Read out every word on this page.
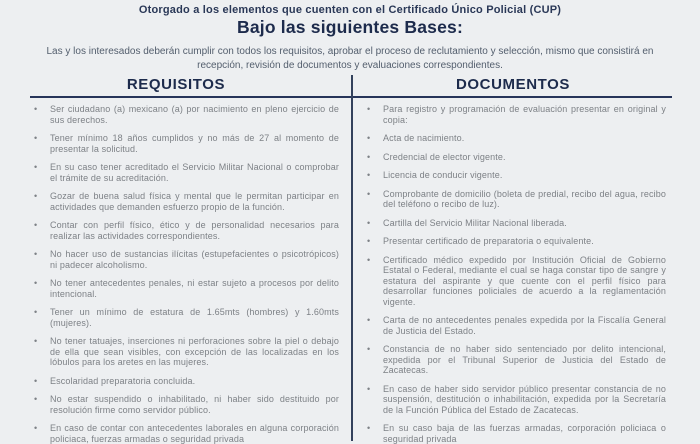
Otorgado a los elementos que cuenten con el Certificado Único Policial (CUP)
Bajo las siguientes Bases:
Las y los interesados deberán cumplir con todos los requisitos, aprobar el proceso de reclutamiento y selección, mismo que consistirá en recepción, revisión de documentos y evaluaciones correspondientes.
REQUISITOS	DOCUMENTOS
•	Ser ciudadano (a) mexicano (a) por nacimiento en pleno ejercicio de sus derechos.
•	Tener mínimo 18 años cumplidos y no más de 27 al momento de presentar la solicitud.
•	En su caso tener acreditado el Servicio Militar Nacional o comprobar el trámite de su acreditación.
•	Gozar de buena salud física y mental que le permitan participar en actividades que demanden esfuerzo propio de la función.
•	Contar con perfil físico, ético y de personalidad necesarios para realizar las actividades correspondientes.
•	No hacer uso de sustancias ilícitas (estupefacientes o psicotrópicos) ni padecer alcoholismo.
•	No tener antecedentes penales, ni estar sujeto a procesos por delito intencional.
•	Tener un mínimo de estatura de 1.65mts (hombres) y 1.60mts (mujeres).
•	No tener tatuajes, inserciones ni perforaciones sobre la piel o debajo de ella que sean visibles, con excepción de las localizadas en los lóbulos para los aretes en las mujeres.
•	Escolaridad preparatoria concluida.
•	No estar suspendido o inhabilitado, ni haber sido destituido por resolución firme como servidor público.
•	En caso de contar con antecedentes laborales en alguna corporación policiaca, fuerzas armadas o seguridad privada
•	Para registro y programación de evaluación presentar en original y copia:
•	Acta de nacimiento.
•	Credencial de elector vigente.
•	Licencia de conducir vigente.
•	Comprobante de domicilio (boleta de predial, recibo del agua, recibo del teléfono o recibo de luz).
•	Cartilla del Servicio Militar Nacional liberada.
•	Presentar certificado de preparatoria o equivalente.
•	Certificado médico expedido por Institución Oficial de Gobierno Estatal o Federal, mediante el cual se haga constar tipo de sangre y estatura del aspirante y que cuente con el perfil físico para desarrollar funciones policiales de acuerdo a la reglamentación vigente.
•	Carta de no antecedentes penales expedida por la Fiscalía General de Justicia del Estado.
•	Constancia de no haber sido sentenciado por delito intencional, expedida por el Tribunal Superior de Justicia del Estado de Zacatecas.
•	En caso de haber sido servidor público presentar constancia de no suspensión, destitución o inhabilitación, expedida por la Secretaría de la Función Pública del Estado de Zacatecas.
•	En su caso baja de las fuerzas armadas, corporación policiaca o seguridad privada
